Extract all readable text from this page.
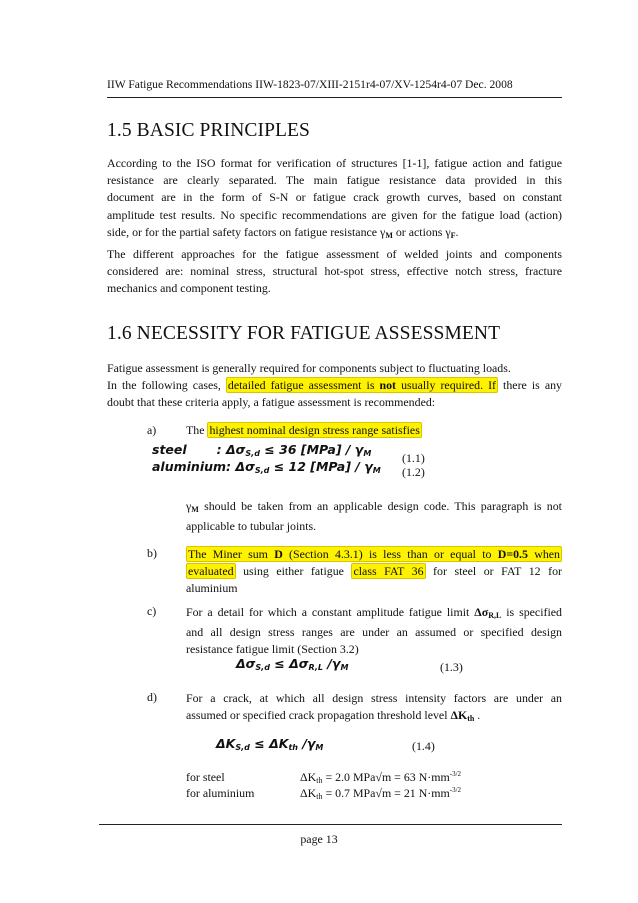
IIW Fatigue Recommendations IIW-1823-07/XIII-2151r4-07/XV-1254r4-07 Dec. 2008
1.5 BASIC PRINCIPLES
According to the ISO format for verification of structures [1-1], fatigue action and fatigue
resistance are clearly separated. The main fatigue resistance data provided in this
document are in the form of S-N or fatigue crack growth curves, based on constant
amplitude test results. No specific recommendations are given for the fatigue load (action)
side, or for the partial safety factors on fatigue resistance $\gamma_M$ or actions $\gamma_F$.
The different approaches for the fatigue assessment of welded joints and components
considered are: nominal stress, structural hot-spot stress, effective notch stress, fracture
mechanics and component testing.
1.6 NECESSITY FOR FATIGUE ASSESSMENT
Fatigue assessment is generally required for components subject to fluctuating loads.
In the following cases, detailed fatigue assessment is not usually required. If there is any
doubt that these criteria apply, a fatigue assessment is recommended:
a)	The highest nominal design stress range satisfies
steel : $\Delta\sigma_{S,d} \le 36$ $[MPa] / \gamma_M$	(1.1)
aluminium: $\Delta\sigma_{S,d} \le 12$ $[MPa] / \gamma_M$ (1.2)
$\gamma_M$ should be taken from an applicable design code. This paragraph is not
applicable to tubular joints.
b)	The Miner sum D (Section 4.3.1) is less than or equal to D=0.5 when
evaluated using either fatigue class FAT 36 for steel or FAT 12 for
aluminium
c)	For a detail for which a constant amplitude fatigue limit $\Delta\sigma_{R,L}$ is specified
and all design stress ranges are under an assumed or specified design
resistance fatigue limit (Section 3.2)
$\Delta\sigma_{S,d} \le \Delta\sigma_{R,L}$ $/\gamma_M$	(1.3)
d) For a crack, at which all design stress intensity factors are under an
assumed or specified crack propagation threshold level $\Delta K_{th}$ .
$\Delta K_{S,d} \le \Delta K_{th}$ $/\gamma_M$	(1.4)
for steel	$\Delta K_{th} = 2.0$ MPa√m = 63 $N\cdot mm^{-3/2}$
for aluminium	$\Delta K_{th} = 0.7$ MPa√m = 21 $N\cdot mm^{-3/2}$
page 13
